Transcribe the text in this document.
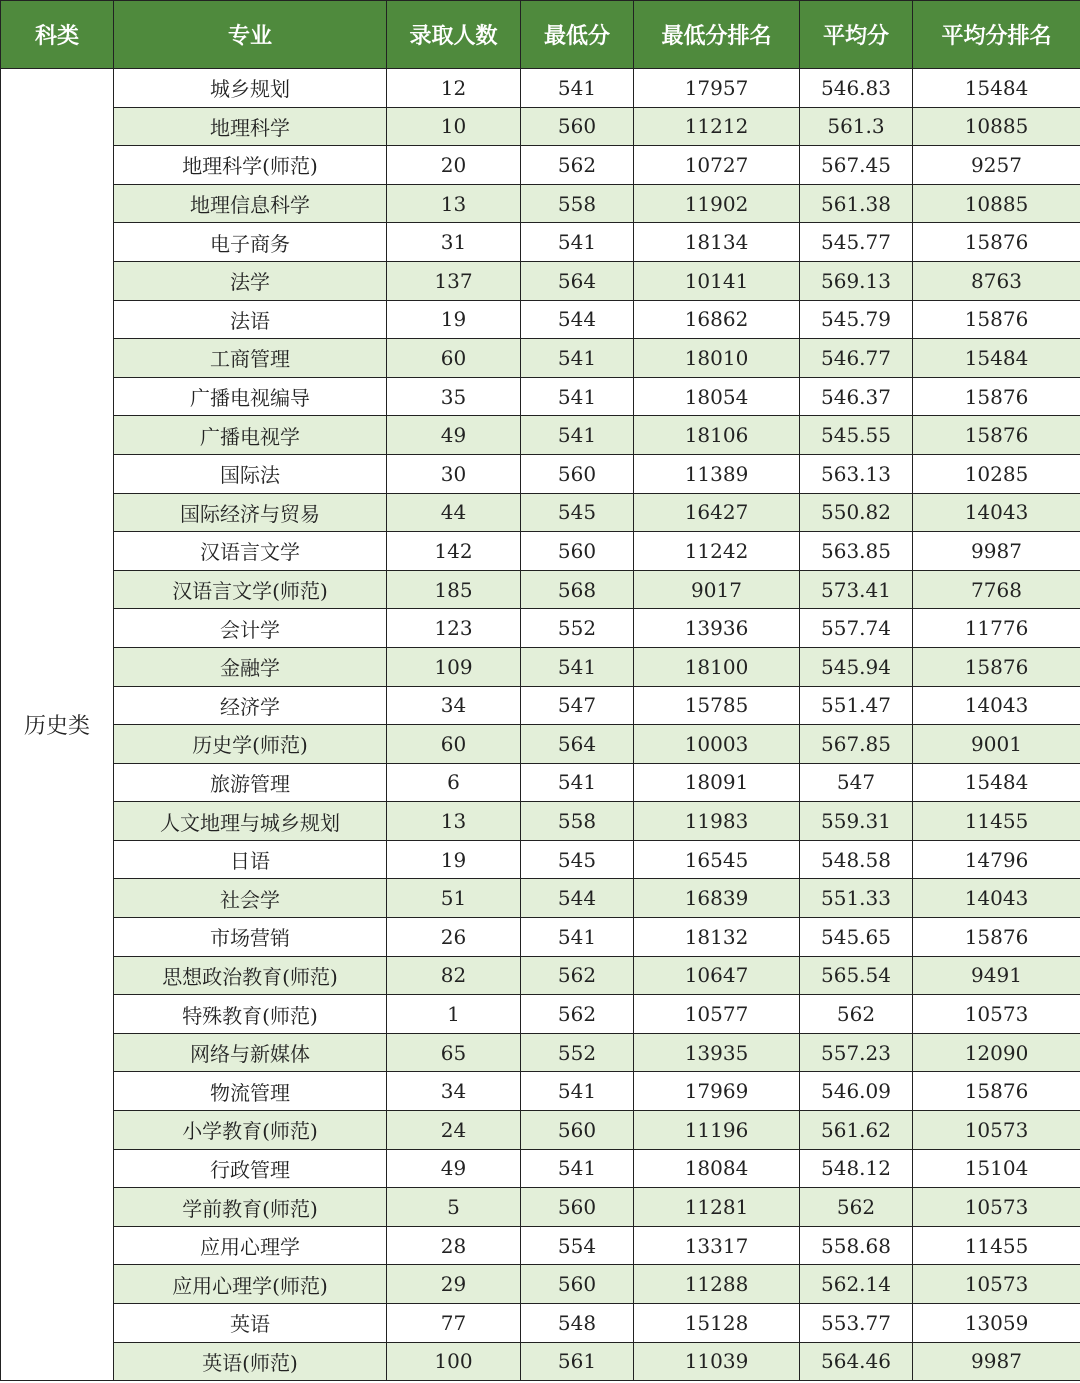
科类	专业	录取人数	最低分	最低分排名	平均分	平均分排名
历史类	城乡规划	12	541	17957	546.83	15484
	地理科学	10	560	11212	561.3	10885
	地理科学(师范)	20	562	10727	567.45	9257
	地理信息科学	13	558	11902	561.38	10885
	电子商务	31	541	18134	545.77	15876
	法学	137	564	10141	569.13	8763
	法语	19	544	16862	545.79	15876
	工商管理	60	541	18010	546.77	15484
	广播电视编导	35	541	18054	546.37	15876
	广播电视学	49	541	18106	545.55	15876
	国际法	30	560	11389	563.13	10285
	国际经济与贸易	44	545	16427	550.82	14043
	汉语言文学	142	560	11242	563.85	9987
	汉语言文学(师范)	185	568	9017	573.41	7768
	会计学	123	552	13936	557.74	11776
	金融学	109	541	18100	545.94	15876
	经济学	34	547	15785	551.47	14043
	历史学(师范)	60	564	10003	567.85	9001
	旅游管理	6	541	18091	547	15484
	人文地理与城乡规划	13	558	11983	559.31	11455
	日语	19	545	16545	548.58	14796
	社会学	51	544	16839	551.33	14043
	市场营销	26	541	18132	545.65	15876
	思想政治教育(师范)	82	562	10647	565.54	9491
	特殊教育(师范)	1	562	10577	562	10573
	网络与新媒体	65	552	13935	557.23	12090
	物流管理	34	541	17969	546.09	15876
	小学教育(师范)	24	560	11196	561.62	10573
	行政管理	49	541	18084	548.12	15104
	学前教育(师范)	5	560	11281	562	10573
	应用心理学	28	554	13317	558.68	11455
	应用心理学(师范)	29	560	11288	562.14	10573
	英语	77	548	15128	553.77	13059
	英语(师范)	100	561	11039	564.46	9987
